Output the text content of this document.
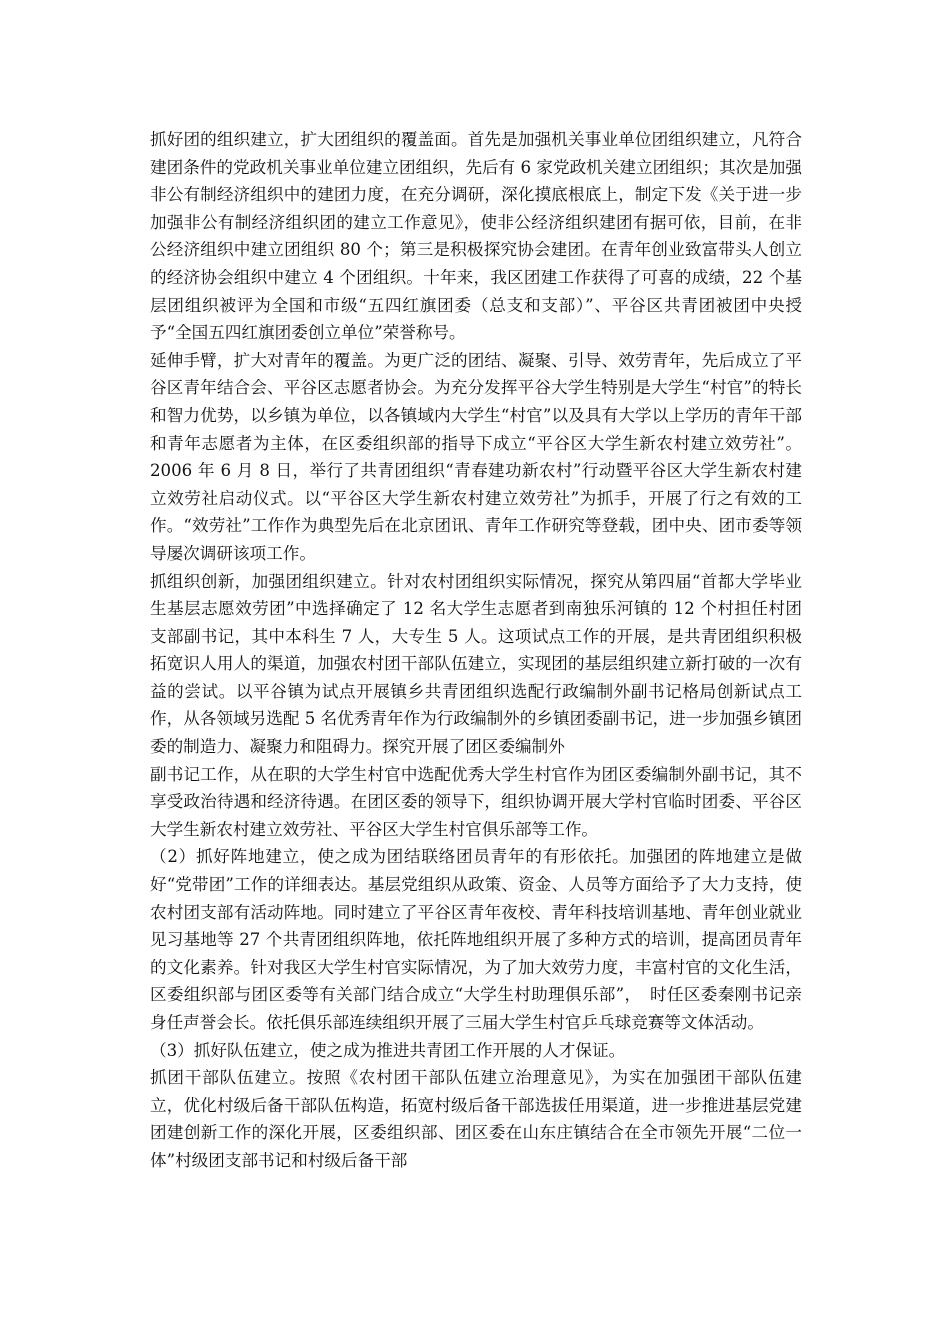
抓好团的组织建立，扩大团组织的覆盖面。首先是加强机关事业单位团组织建立，凡符合建团条件的党政机关事业单位建立团组织，先后有 6 家党政机关建立团组织；其次是加强非公有制经济组织中的建团力度，在充分调研，深化摸底根底上，制定下发《关于进一步加强非公有制经济组织团的建立工作意见》，使非公经济组织建团有据可依，目前，在非公经济组织中建立团组织 80 个；第三是积极探究协会建团。在青年创业致富带头人创立的经济协会组织中建立 4 个团组织。十年来，我区团建工作获得了可喜的成绩，22 个基层团组织被评为全国和市级“五四红旗团委（总支和支部）”、平谷区共青团被团中央授予“全国五四红旗团委创立单位”荣誉称号。

延伸手臂，扩大对青年的覆盖。为更广泛的团结、凝聚、引导、效劳青年，先后成立了平谷区青年结合会、平谷区志愿者协会。为充分发挥平谷大学生特别是大学生“村官”的特长和智力优势，以乡镇为单位，以各镇域内大学生“村官”以及具有大学以上学历的青年干部和青年志愿者为主体，在区委组织部的指导下成立“平谷区大学生新农村建立效劳社”。2006 年 6 月 8 日，举行了共青团组织“青春建功新农村”行动暨平谷区大学生新农村建立效劳社启动仪式。以“平谷区大学生新农村建立效劳社”为抓手，开展了行之有效的工作。“效劳社”工作作为典型先后在北京团讯、青年工作研究等登载，团中央、团市委等领导屡次调研该项工作。

抓组织创新，加强团组织建立。针对农村团组织实际情况，探究从第四届“首都大学毕业生基层志愿效劳团”中选择确定了 12 名大学生志愿者到南独乐河镇的 12 个村担任村团支部副书记，其中本科生 7 人，大专生 5 人。这项试点工作的开展，是共青团组织积极拓宽识人用人的渠道，加强农村团干部队伍建立，实现团的基层组织建立新打破的一次有益的尝试。以平谷镇为试点开展镇乡共青团组织选配行政编制外副书记格局创新试点工作，从各领域另选配 5 名优秀青年作为行政编制外的乡镇团委副书记，进一步加强乡镇团委的制造力、凝聚力和阻碍力。探究开展了团区委编制外

副书记工作，从在职的大学生村官中选配优秀大学生村官作为团区委编制外副书记，其不享受政治待遇和经济待遇。在团区委的领导下，组织协调开展大学村官临时团委、平谷区大学生新农村建立效劳社、平谷区大学生村官俱乐部等工作。

（2）抓好阵地建立，使之成为团结联络团员青年的有形依托。加强团的阵地建立是做好“党带团”工作的详细表达。基层党组织从政策、资金、人员等方面给予了大力支持，使农村团支部有活动阵地。同时建立了平谷区青年夜校、青年科技培训基地、青年创业就业见习基地等 27 个共青团组织阵地，依托阵地组织开展了多种方式的培训，提高团员青年的文化素养。针对我区大学生村官实际情况，为了加大效劳力度，丰富村官的文化生活，区委组织部与团区委等有关部门结合成立“大学生村助理俱乐部”，　时任区委秦刚书记亲身任声誉会长。依托俱乐部连续组织开展了三届大学生村官乒乓球竞赛等文体活动。

（3）抓好队伍建立，使之成为推进共青团工作开展的人才保证。

抓团干部队伍建立。按照《农村团干部队伍建立治理意见》，为实在加强团干部队伍建立，优化村级后备干部队伍构造，拓宽村级后备干部选拔任用渠道，进一步推进基层党建团建创新工作的深化开展，区委组织部、团区委在山东庄镇结合在全市领先开展“二位一体”村级团支部书记和村级后备干部
